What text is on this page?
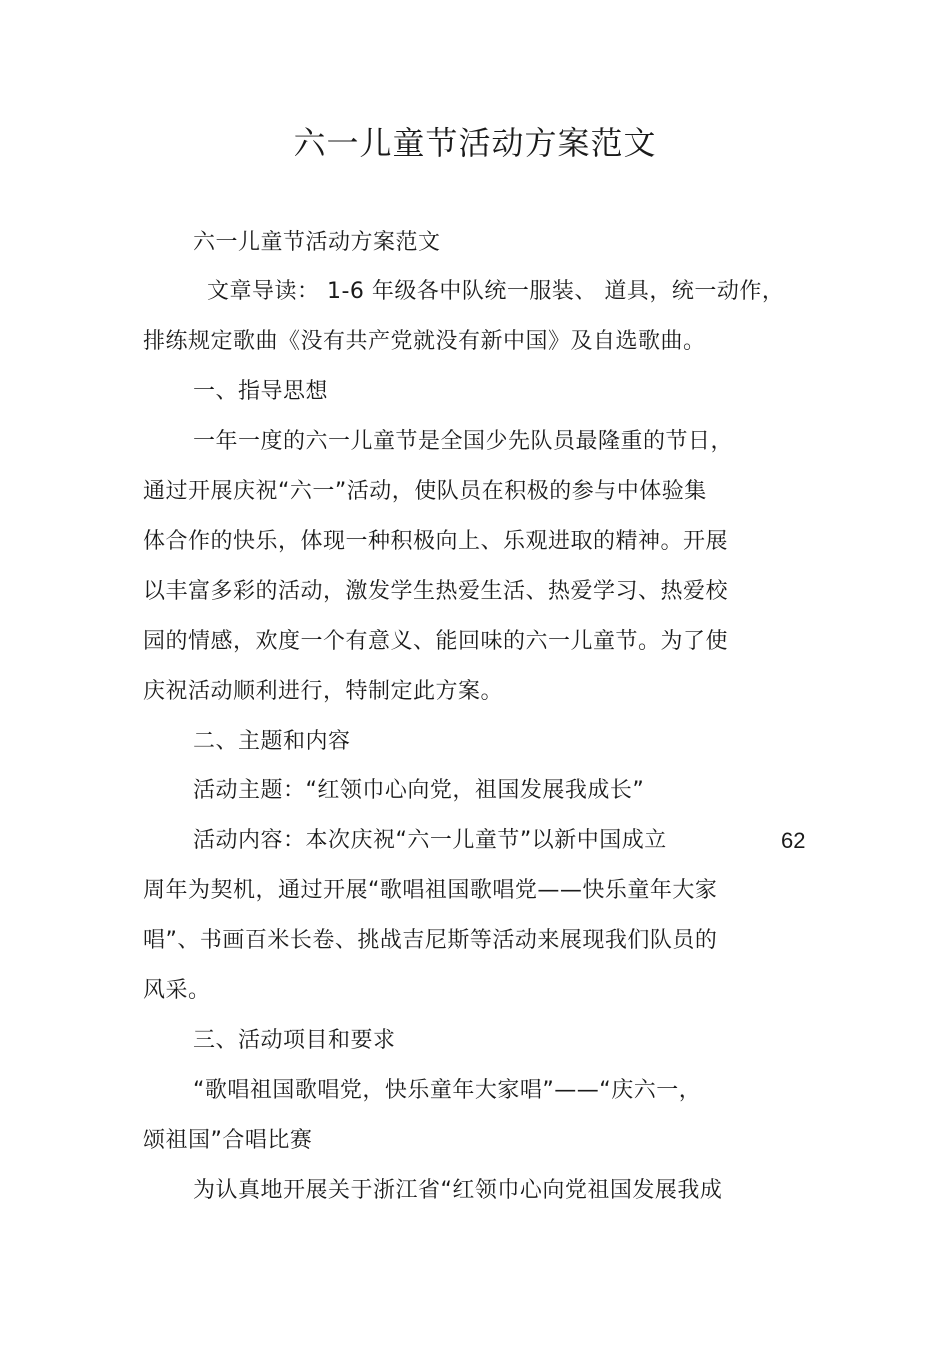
六一儿童节活动方案范文
六一儿童节活动方案范文
文章导读： 1-6 年级各中队统一服装、 道具，统一动作，
排练规定歌曲《没有共产党就没有新中国》及自选歌曲。
一、指导思想
一年一度的六一儿童节是全国少先队员最隆重的节日，
通过开展庆祝“六一”活动，使队员在积极的参与中体验集
体合作的快乐，体现一种积极向上、乐观进取的精神。开展
以丰富多彩的活动，激发学生热爱生活、热爱学习、热爱校
园的情感，欢度一个有意义、能回味的六一儿童节。为了使
庆祝活动顺利进行，特制定此方案。
二、主题和内容
活动主题：“红领巾心向党，祖国发展我成长”
活动内容：本次庆祝“六一儿童节”以新中国成立	62
周年为契机，通过开展“歌唱祖国歌唱党——快乐童年大家
唱”、书画百米长卷、挑战吉尼斯等活动来展现我们队员的
风采。
三、活动项目和要求
“歌唱祖国歌唱党，快乐童年大家唱”——“庆六一，
颂祖国”合唱比赛
为认真地开展关于浙江省“红领巾心向党祖国发展我成
